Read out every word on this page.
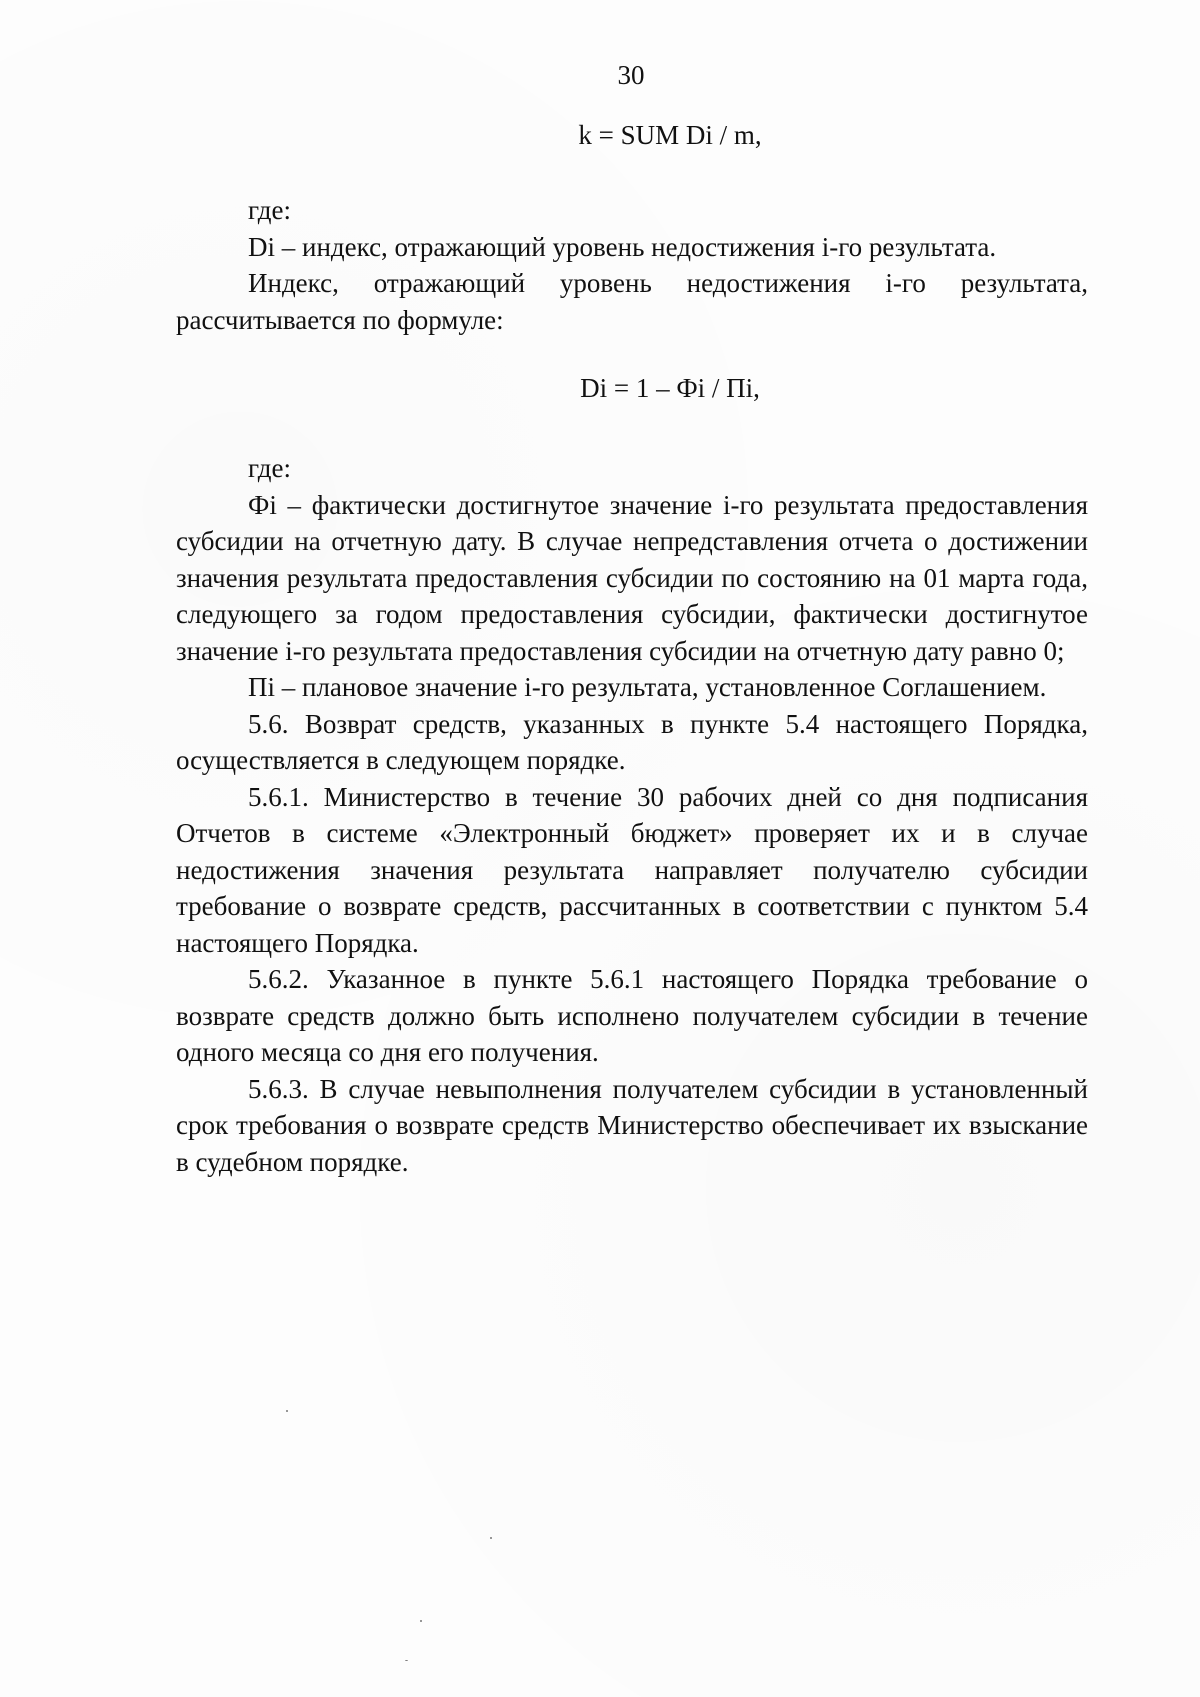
30
k = SUM Di / m,

где:

Di – индекс, отражающий уровень недостижения i-го результата.

Индекс, отражающий уровень недостижения i-го результата, рассчитывается по формуле:

Di = 1 – Фi / Пi,

где:

Фi – фактически достигнутое значение i-го результата предоставления субсидии на отчетную дату. В случае непредставления отчета о достижении значения результата предоставления субсидии по состоянию на 01 марта года, следующего за годом предоставления субсидии, фактически достигнутое значение i-го результата предоставления субсидии на отчетную дату равно 0;

Пi – плановое значение i-го результата, установленное Соглашением.

5.6. Возврат средств, указанных в пункте 5.4 настоящего Порядка, осуществляется в следующем порядке.

5.6.1. Министерство в течение 30 рабочих дней со дня подписания Отчетов в системе «Электронный бюджет» проверяет их и в случае недостижения значения результата направляет получателю субсидии требование о возврате средств, рассчитанных в соответствии с пунктом 5.4 настоящего Порядка.

5.6.2. Указанное в пункте 5.6.1 настоящего Порядка требование о возврате средств должно быть исполнено получателем субсидии в течение одного месяца со дня его получения.

5.6.3. В случае невыполнения получателем субсидии в установленный срок требования о возврате средств Министерство обеспечивает их взыскание в судебном порядке.
